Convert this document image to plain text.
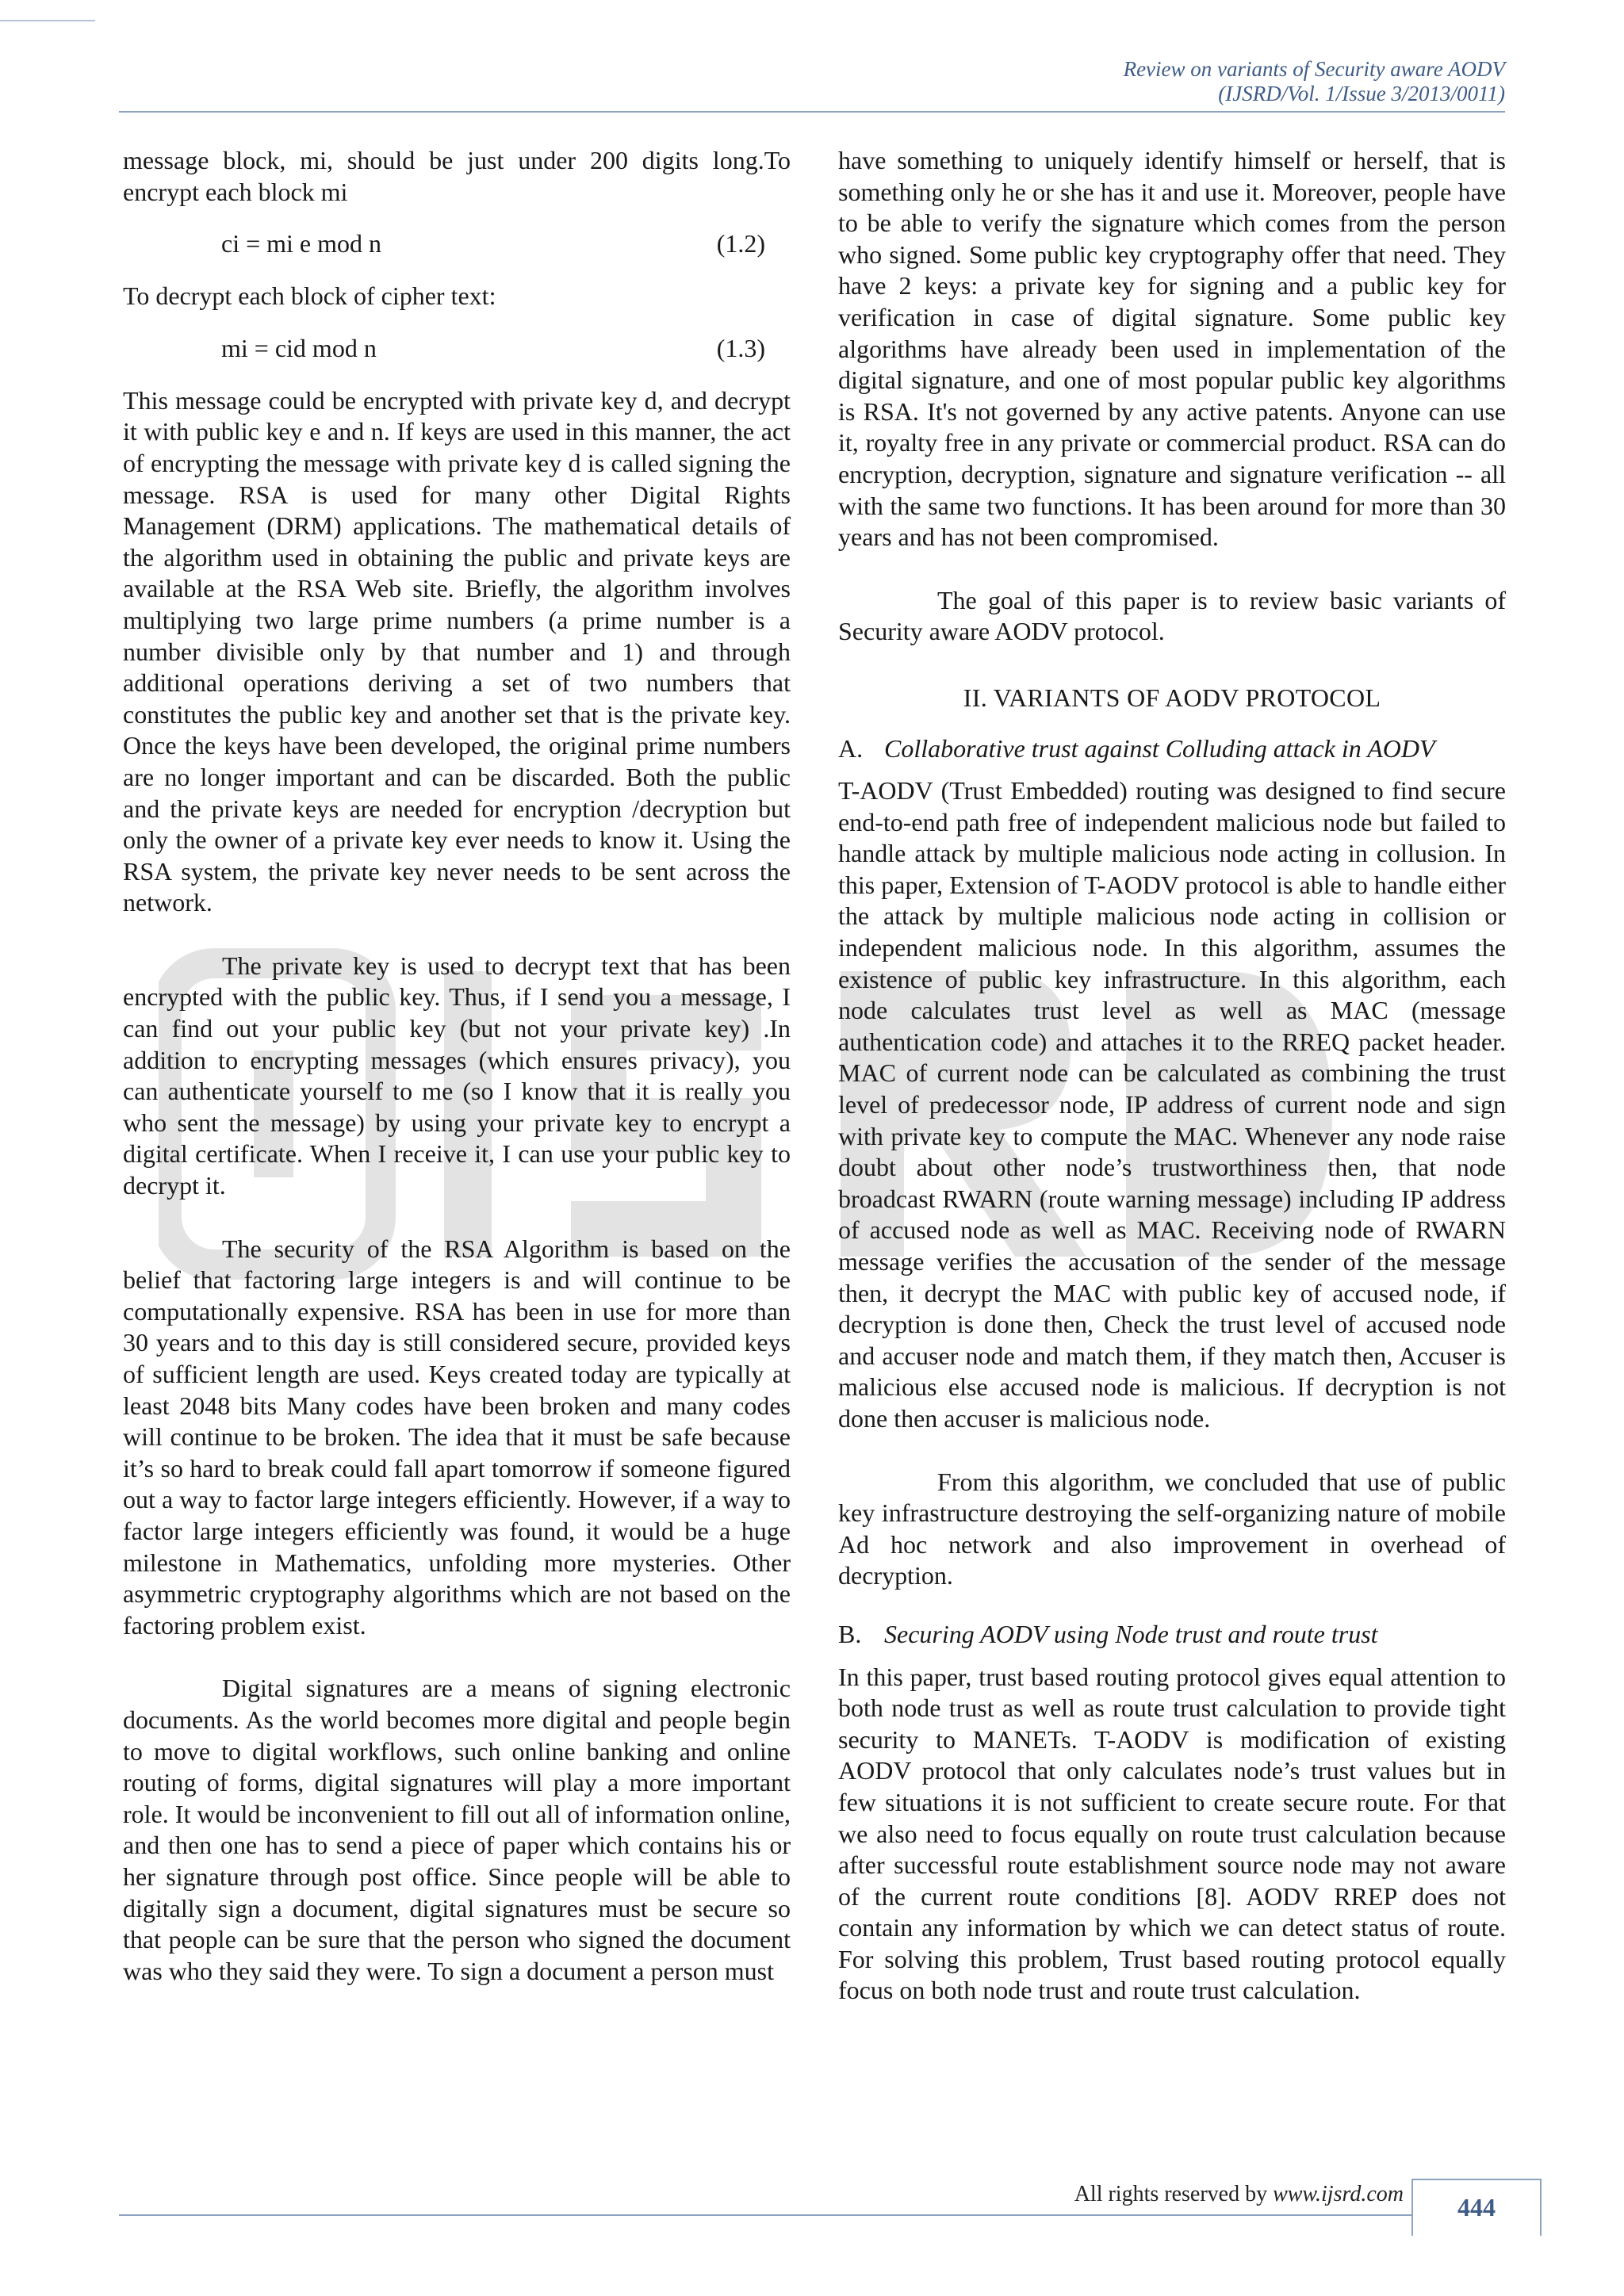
Review on variants of Security aware AODV
(IJSRD/Vol. 1/Issue 3/2013/0011)

message block, mi, should be just under 200 digits long.To encrypt each block mi

ci = mi e mod n	(1.2)

To decrypt each block of cipher text:

mi = cid mod n	(1.3)

This message could be encrypted with private key d, and decrypt it with public key e and n. If keys are used in this manner, the act of encrypting the message with private key d is called signing the message. RSA is used for many other Digital Rights Management (DRM) applications. The mathematical details of the algorithm used in obtaining the public and private keys are available at the RSA Web site. Briefly, the algorithm involves multiplying two large prime numbers (a prime number is a number divisible only by that number and 1) and through additional operations deriving a set of two numbers that constitutes the public key and another set that is the private key. Once the keys have been developed, the original prime numbers are no longer important and can be discarded. Both the public and the private keys are needed for encryption /decryption but only the owner of a private key ever needs to know it. Using the RSA system, the private key never needs to be sent across the network.

The private key is used to decrypt text that has been encrypted with the public key. Thus, if I send you a message, I can find out your public key (but not your private key) .In addition to encrypting messages (which ensures privacy), you can authenticate yourself to me (so I know that it is really you who sent the message) by using your private key to encrypt a digital certificate. When I receive it, I can use your public key to decrypt it.

The security of the RSA Algorithm is based on the belief that factoring large integers is and will continue to be computationally expensive. RSA has been in use for more than 30 years and to this day is still considered secure, provided keys of sufficient length are used. Keys created today are typically at least 2048 bits Many codes have been broken and many codes will continue to be broken. The idea that it must be safe because it’s so hard to break could fall apart tomorrow if someone figured out a way to factor large integers efficiently. However, if a way to factor large integers efficiently was found, it would be a huge milestone in Mathematics, unfolding more mysteries. Other asymmetric cryptography algorithms which are not based on the factoring problem exist.

Digital signatures are a means of signing electronic documents. As the world becomes more digital and people begin to move to digital workflows, such online banking and online routing of forms, digital signatures will play a more important role. It would be inconvenient to fill out all of information online, and then one has to send a piece of paper which contains his or her signature through post office. Since people will be able to digitally sign a document, digital signatures must be secure so that people can be sure that the person who signed the document was who they said they were. To sign a document a person must

have something to uniquely identify himself or herself, that is something only he or she has it and use it. Moreover, people have to be able to verify the signature which comes from the person who signed. Some public key cryptography offer that need. They have 2 keys: a private key for signing and a public key for verification in case of digital signature. Some public key algorithms have already been used in implementation of the digital signature, and one of most popular public key algorithms is RSA. It's not governed by any active patents. Anyone can use it, royalty free in any private or commercial product. RSA can do encryption, decryption, signature and signature verification -- all with the same two functions. It has been around for more than 30 years and has not been compromised.

The goal of this paper is to review basic variants of Security aware AODV protocol.

II. VARIANTS OF AODV PROTOCOL
A. Collaborative trust against Colluding attack in AODV

T-AODV (Trust Embedded) routing was designed to find secure end-to-end path free of independent malicious node but failed to handle attack by multiple malicious node acting in collusion. In this paper, Extension of T-AODV protocol is able to handle either the attack by multiple malicious node acting in collision or independent malicious node. In this algorithm, assumes the existence of public key infrastructure. In this algorithm, each node calculates trust level as well as MAC (message authentication code) and attaches it to the RREQ packet header. MAC of current node can be calculated as combining the trust level of predecessor node, IP address of current node and sign with private key to compute the MAC. Whenever any node raise doubt about other node’s trustworthiness then, that node broadcast RWARN (route warning message) including IP address of accused node as well as MAC. Receiving node of RWARN message verifies the accusation of the sender of the message then, it decrypt the MAC with public key of accused node, if decryption is done then, Check the trust level of accused node and accuser node and match them, if they match then, Accuser is malicious else accused node is malicious. If decryption is not done then accuser is malicious node.

From this algorithm, we concluded that use of public key infrastructure destroying the self-organizing nature of mobile Ad hoc network and also improvement in overhead of decryption.

B. Securing AODV using Node trust and route trust

In this paper, trust based routing protocol gives equal attention to both node trust as well as route trust calculation to provide tight security to MANETs. T-AODV is modification of existing AODV protocol that only calculates node’s trust values but in few situations it is not sufficient to create secure route. For that we also need to focus equally on route trust calculation because after successful route establishment source node may not aware of the current route conditions [8]. AODV RREP does not contain any information by which we can detect status of route. For solving this problem, Trust based routing protocol equally focus on both node trust and route trust calculation.

All rights reserved by www.ijsrd.com	444
